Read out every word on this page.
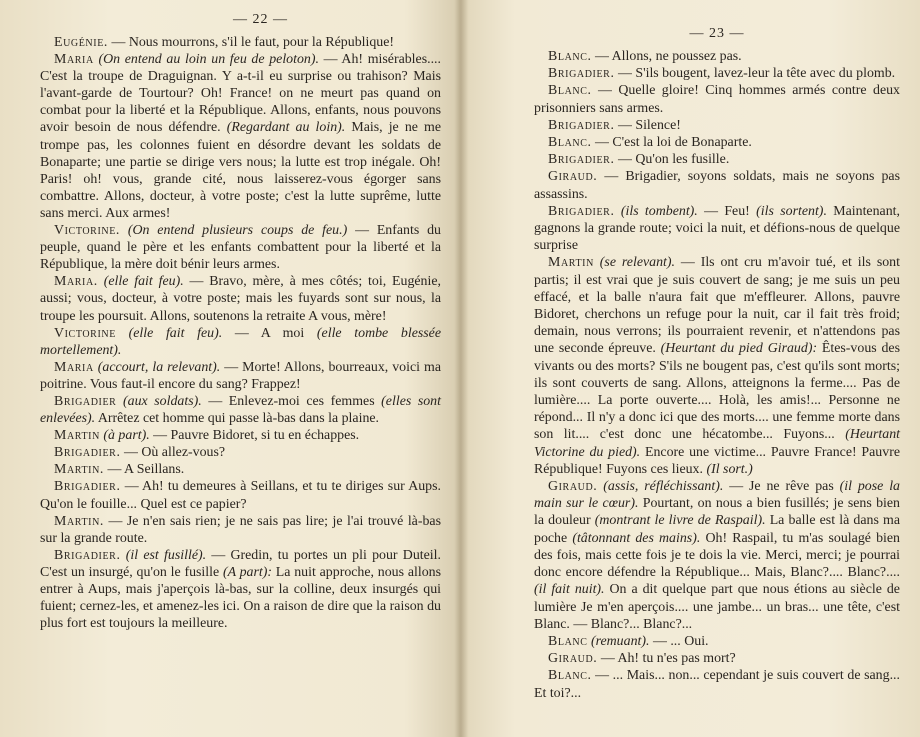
— 22 —

Eugénie. — Nous mourrons, s'il le faut, pour la République!

Maria (On entend au loin un feu de peloton). — Ah! misérables.... C'est la troupe de Draguignan. Y a-t-il eu surprise ou trahison? Mais l'avant-garde de Tourtour? Oh! France! on ne meurt pas quand on combat pour la liberté et la République. Allons, enfants, nous pouvons avoir besoin de nous défendre. (Regardant au loin). Mais, je ne me trompe pas, les colonnes fuient en désordre devant les soldats de Bonaparte; une partie se dirige vers nous; la lutte est trop inégale. Oh! Paris! oh! vous, grande cité, nous laisserez-vous égorger sans combattre. Allons, docteur, à votre poste; c'est la lutte suprême, lutte sans merci. Aux armes!

Victorine. (On entend plusieurs coups de feu.) — Enfants du peuple, quand le père et les enfants combattent pour la liberté et la République, la mère doit bénir leurs armes.

Maria. (elle fait feu). — Bravo, mère, à mes côtés; toi, Eugénie, aussi; vous, docteur, à votre poste; mais les fuyards sont sur nous, la troupe les poursuit. Allons, soutenons la retraite A vous, mère!

Victorine (elle fait feu). — A moi (elle tombe blessée mortellement).

Maria (accourt, la relevant). — Morte! Allons, bourreaux, voici ma poitrine. Vous faut-il encore du sang? Frappez!

Brigadier (aux soldats). — Enlevez-moi ces femmes (elles sont enlevées). Arrêtez cet homme qui passe là-bas dans la plaine.

Martin (à part). — Pauvre Bidoret, si tu en échappes.

Brigadier. — Où allez-vous?

Martin. — A Seillans.

Brigadier. — Ah! tu demeures à Seillans, et tu te diriges sur Aups. Qu'on le fouille... Quel est ce papier?

Martin. — Je n'en sais rien; je ne sais pas lire; je l'ai trouvé là-bas sur la grande route.

Brigadier. (il est fusillé). — Gredin, tu portes un pli pour Duteil. C'est un insurgé, qu'on le fusille (A part): La nuit approche, nous allons entrer à Aups, mais j'aperçois là-bas, sur la colline, deux insurgés qui fuient; cernez-les, et amenez-les ici. On a raison de dire que la raison du plus fort est toujours la meilleure.

— 23 —

Blanc. — Allons, ne poussez pas.

Brigadier. — S'ils bougent, lavez-leur la tête avec du plomb.

Blanc. — Quelle gloire! Cinq hommes armés contre deux prisonniers sans armes.

Brigadier. — Silence!

Blanc. — C'est la loi de Bonaparte.

Brigadier. — Qu'on les fusille.

Giraud. — Brigadier, soyons soldats, mais ne soyons pas assassins.

Brigadier. (ils tombent). — Feu! (ils sortent). Maintenant, gagnons la grande route; voici la nuit, et défions-nous de quelque surprise

Martin (se relevant). — Ils ont cru m'avoir tué, et ils sont partis; il est vrai que je suis couvert de sang; je me suis un peu effacé, et la balle n'aura fait que m'effleurer. Allons, pauvre Bidoret, cherchons un refuge pour la nuit, car il fait très froid; demain, nous verrons; ils pourraient revenir, et n'attendons pas une seconde épreuve. (Heurtant du pied Giraud): Êtes-vous des vivants ou des morts? S'ils ne bougent pas, c'est qu'ils sont morts; ils sont couverts de sang. Allons, atteignons la ferme.... Pas de lumière.... La porte ouverte.... Holà, les amis!... Personne ne répond... Il n'y a donc ici que des morts.... une femme morte dans son lit.... c'est donc une hécatombe... Fuyons... (Heurtant Victorine du pied). Encore une victime... Pauvre France! Pauvre République! Fuyons ces lieux. (Il sort.)

Giraud. (assis, réfléchissant). — Je ne rêve pas (il pose la main sur le cœur). Pourtant, on nous a bien fusillés; je sens bien la douleur (montrant le livre de Raspail). La balle est là dans ma poche (tâtonnant des mains). Oh! Raspail, tu m'as soulagé bien des fois, mais cette fois je te dois la vie. Merci, merci; je pourrai donc encore défendre la République... Mais, Blanc?.... Blanc?.... (il fait nuit). On a dit quelque part que nous étions au siècle de lumière Je m'en aperçois.... une jambe... un bras... une tête, c'est Blanc. — Blanc?... Blanc?...

Blanc (remuant). — ... Oui.

Giraud. — Ah! tu n'es pas mort?

Blanc. — ... Mais... non... cependant je suis couvert de sang... Et toi?...
